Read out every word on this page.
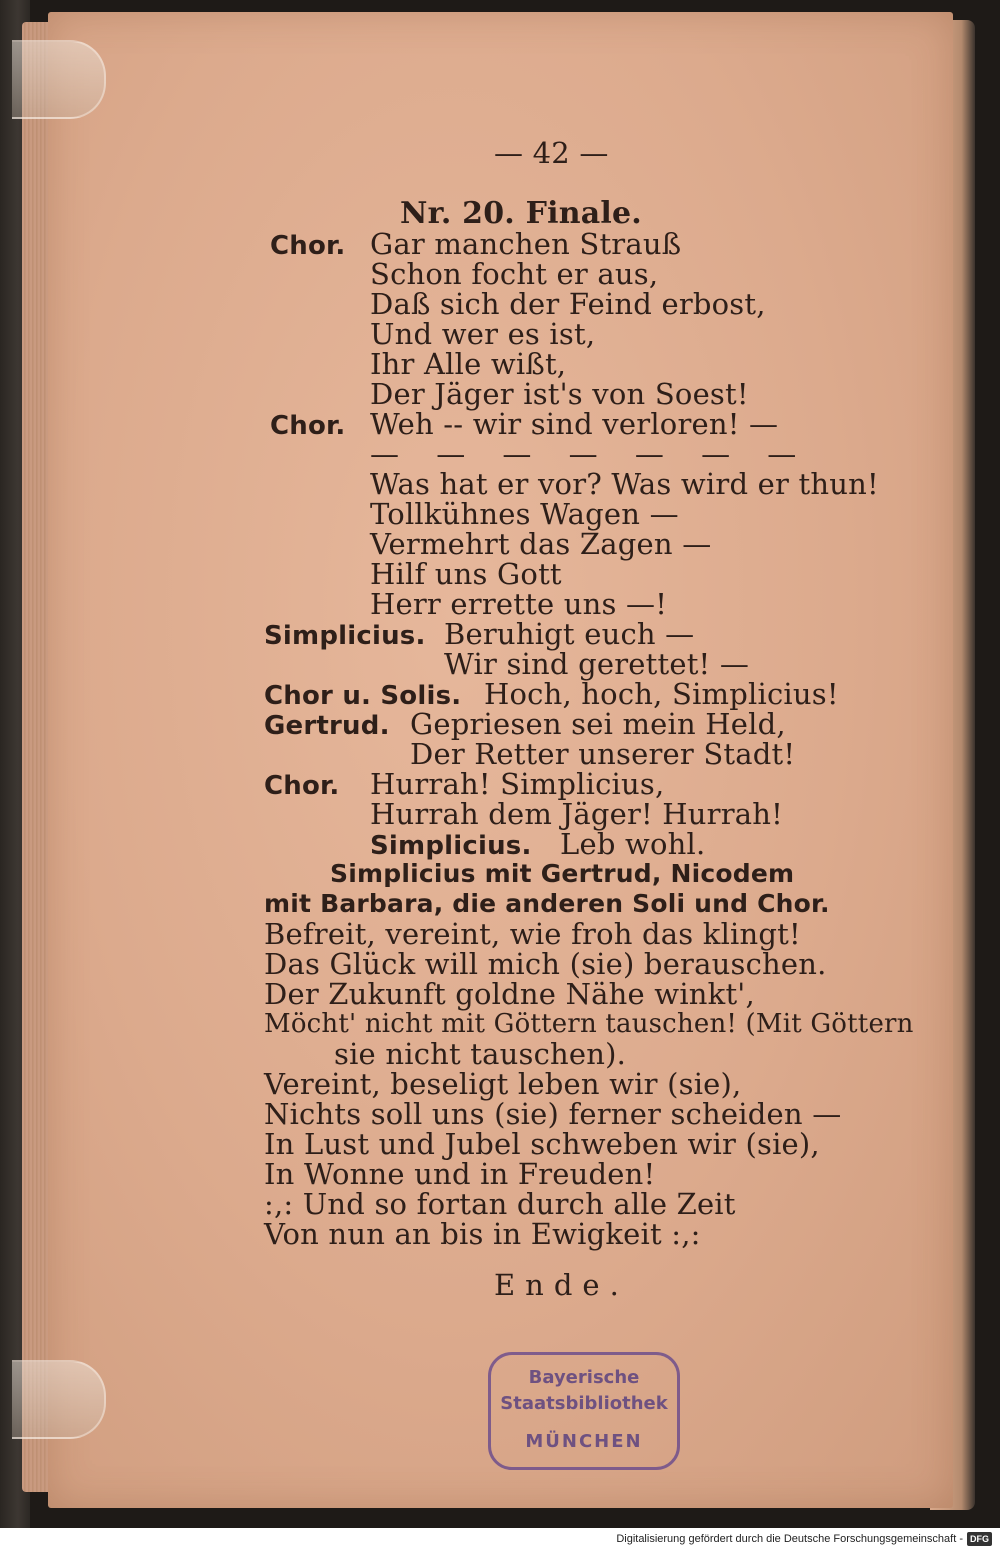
— 42 —
Nr. 20. Finale.
Chor. Gar manchen Strauß
Schon focht er aus,
Daß sich der Feind erbost,
Und wer es ist,
Ihr Alle wißt,
Der Jäger ist's von Soest!
Chor. Weh -- wir sind verloren! —
— — — — — — —
Was hat er vor? Was wird er thun!
Tollkühnes Wagen —
Vermehrt das Zagen —
Hilf uns Gott
Herr errette uns —!
Simplicius. Beruhigt euch —
Wir sind gerettet! —
Chor u. Solis. Hoch, hoch, Simplicius!
Gertrud. Gepriesen sei mein Held,
Der Retter unserer Stadt!
Chor. Hurrah! Simplicius,
Hurrah dem Jäger! Hurrah!
Simplicius. Leb wohl.
Simplicius mit Gertrud, Nicodem
mit Barbara, die anderen Soli und Chor.
Befreit, vereint, wie froh das klingt!
Das Glück will mich (sie) berauschen.
Der Zukunft goldne Nähe winkt',
Möcht' nicht mit Göttern tauschen! (Mit Göttern
sie nicht tauschen).
Vereint, beseligt leben wir (sie),
Nichts soll uns (sie) ferner scheiden —
In Lust und Jubel schweben wir (sie),
In Wonne und in Freuden!
:,: Und so fortan durch alle Zeit
Von nun an bis in Ewigkeit :,:
Ende.
Bayerische
Staatsbibliothek
MÜNCHEN
Digitalisierung gefördert durch die Deutsche Forschungsgemeinschaft - DFG
